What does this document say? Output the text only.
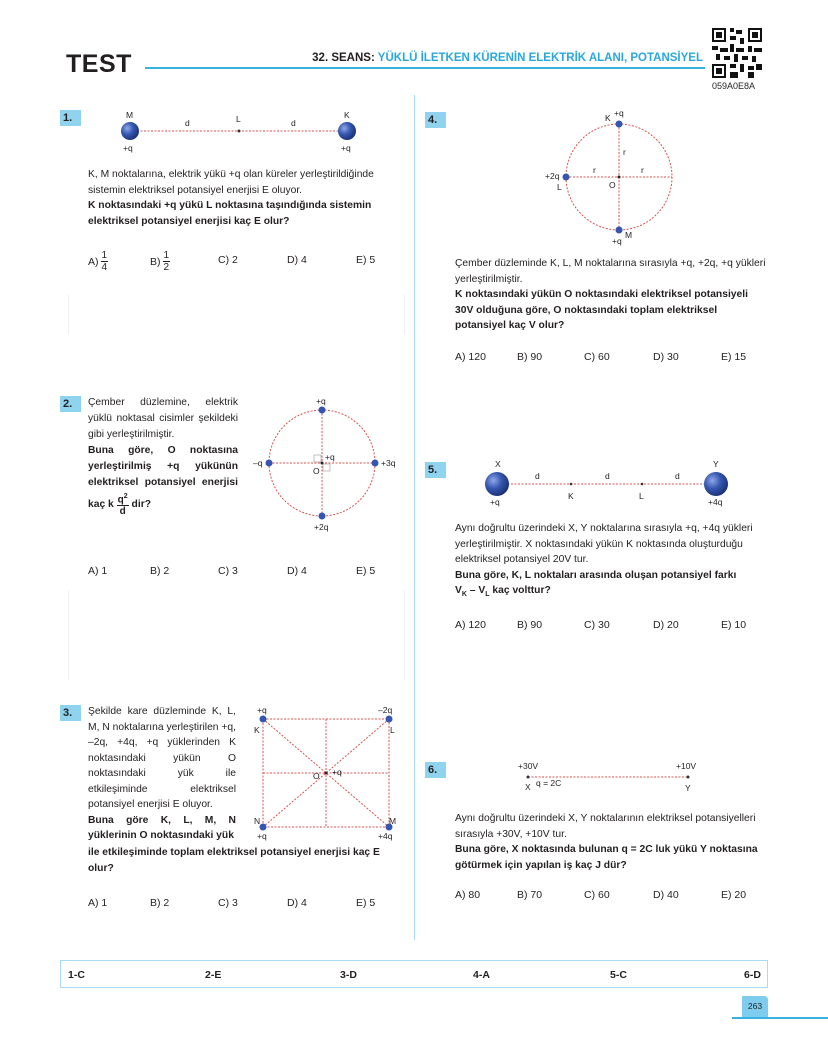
TEST	32. SEANS: YÜKLÜ İLETKEN KÜRENİN ELEKTRİK ALANI, POTANSİYEL
059A0E8A
1.
K, M noktalarına, elektrik yükü +q olan küreler yerleştirildiğinde sistemin elektriksel potansiyel enerjisi E oluyor.
K noktasındaki +q yükü L noktasına taşındığında sistemin elektriksel potansiyel enerjisi kaç E olur?
$A) \frac{1}{4}$	$B) \frac{1}{2}$	C) 2	D) 4	E) 5
2.	Çember düzlemine, elektrik yüklü noktasal cisimler şekildeki gibi yerleştirilmiştir.
Buna göre, O noktasına yerleştirilmiş +q yükünün elektriksel potansiyel enerjisi kaç k $\frac{q^2}{d}$ dir?
A) 1	B) 2	C) 3	D) 4	E) 5
3.	Şekilde kare düzleminde K, L, M, N noktalarına yerleştirilen +q, –2q, +4q, +q yüklerinden K noktasındaki yükün O noktasındaki yük ile etkileşiminde elektriksel potansiyel enerjisi E oluyor.
Buna göre K, L, M, N yüklerinin O noktasındaki yük
ile etkileşiminde toplam elektriksel potansiyel enerjisi kaç E olur?
A) 1	B) 2	C) 3	D) 4	E) 5
4.
Çember düzleminde K, L, M noktalarına sırasıyla +q, +2q, +q yükleri yerleştirilmiştir.
K noktasındaki yükün O noktasındaki elektriksel potansiyeli 30V olduğuna göre, O noktasındaki toplam elektriksel potansiyel kaç V olur?
A) 120	B) 90	C) 60	D) 30	E) 15
5.
Aynı doğrultu üzerindeki X, Y noktalarına sırasıyla +q, +4q yükleri yerleştirilmiştir. X noktasındaki yükün K noktasında oluşturduğu elektriksel potansiyel 20V tur.
Buna göre, K, L noktaları arasında oluşan potansiyel farkı
$V_K - V_L$ kaç volttur?
A) 120	B) 90	C) 30	D) 20	E) 10
6.
Aynı doğrultu üzerindeki X, Y noktalarının elektriksel potansiyelleri sırasıyla +30V, +10V tur.
Buna göre, X noktasında bulunan q = 2C luk yükü Y noktasına götürmek için yapılan iş kaç J dür?
A) 80	B) 70	C) 60	D) 40	E) 20
M	K
L
d	d
+q	+q
+q
–q	+3q
+2q
+q
O
+q	–2q
K	L
M
N
+q	+4q
O +q
K +q
+2q
L
M
+q
O
r
r	r
X	Y
+q	+4q
K	L
d	d	d
+30V	+10V
X q = 2C	Y
1-C	2-E	3-D	4-A	5-C	6-D
263
